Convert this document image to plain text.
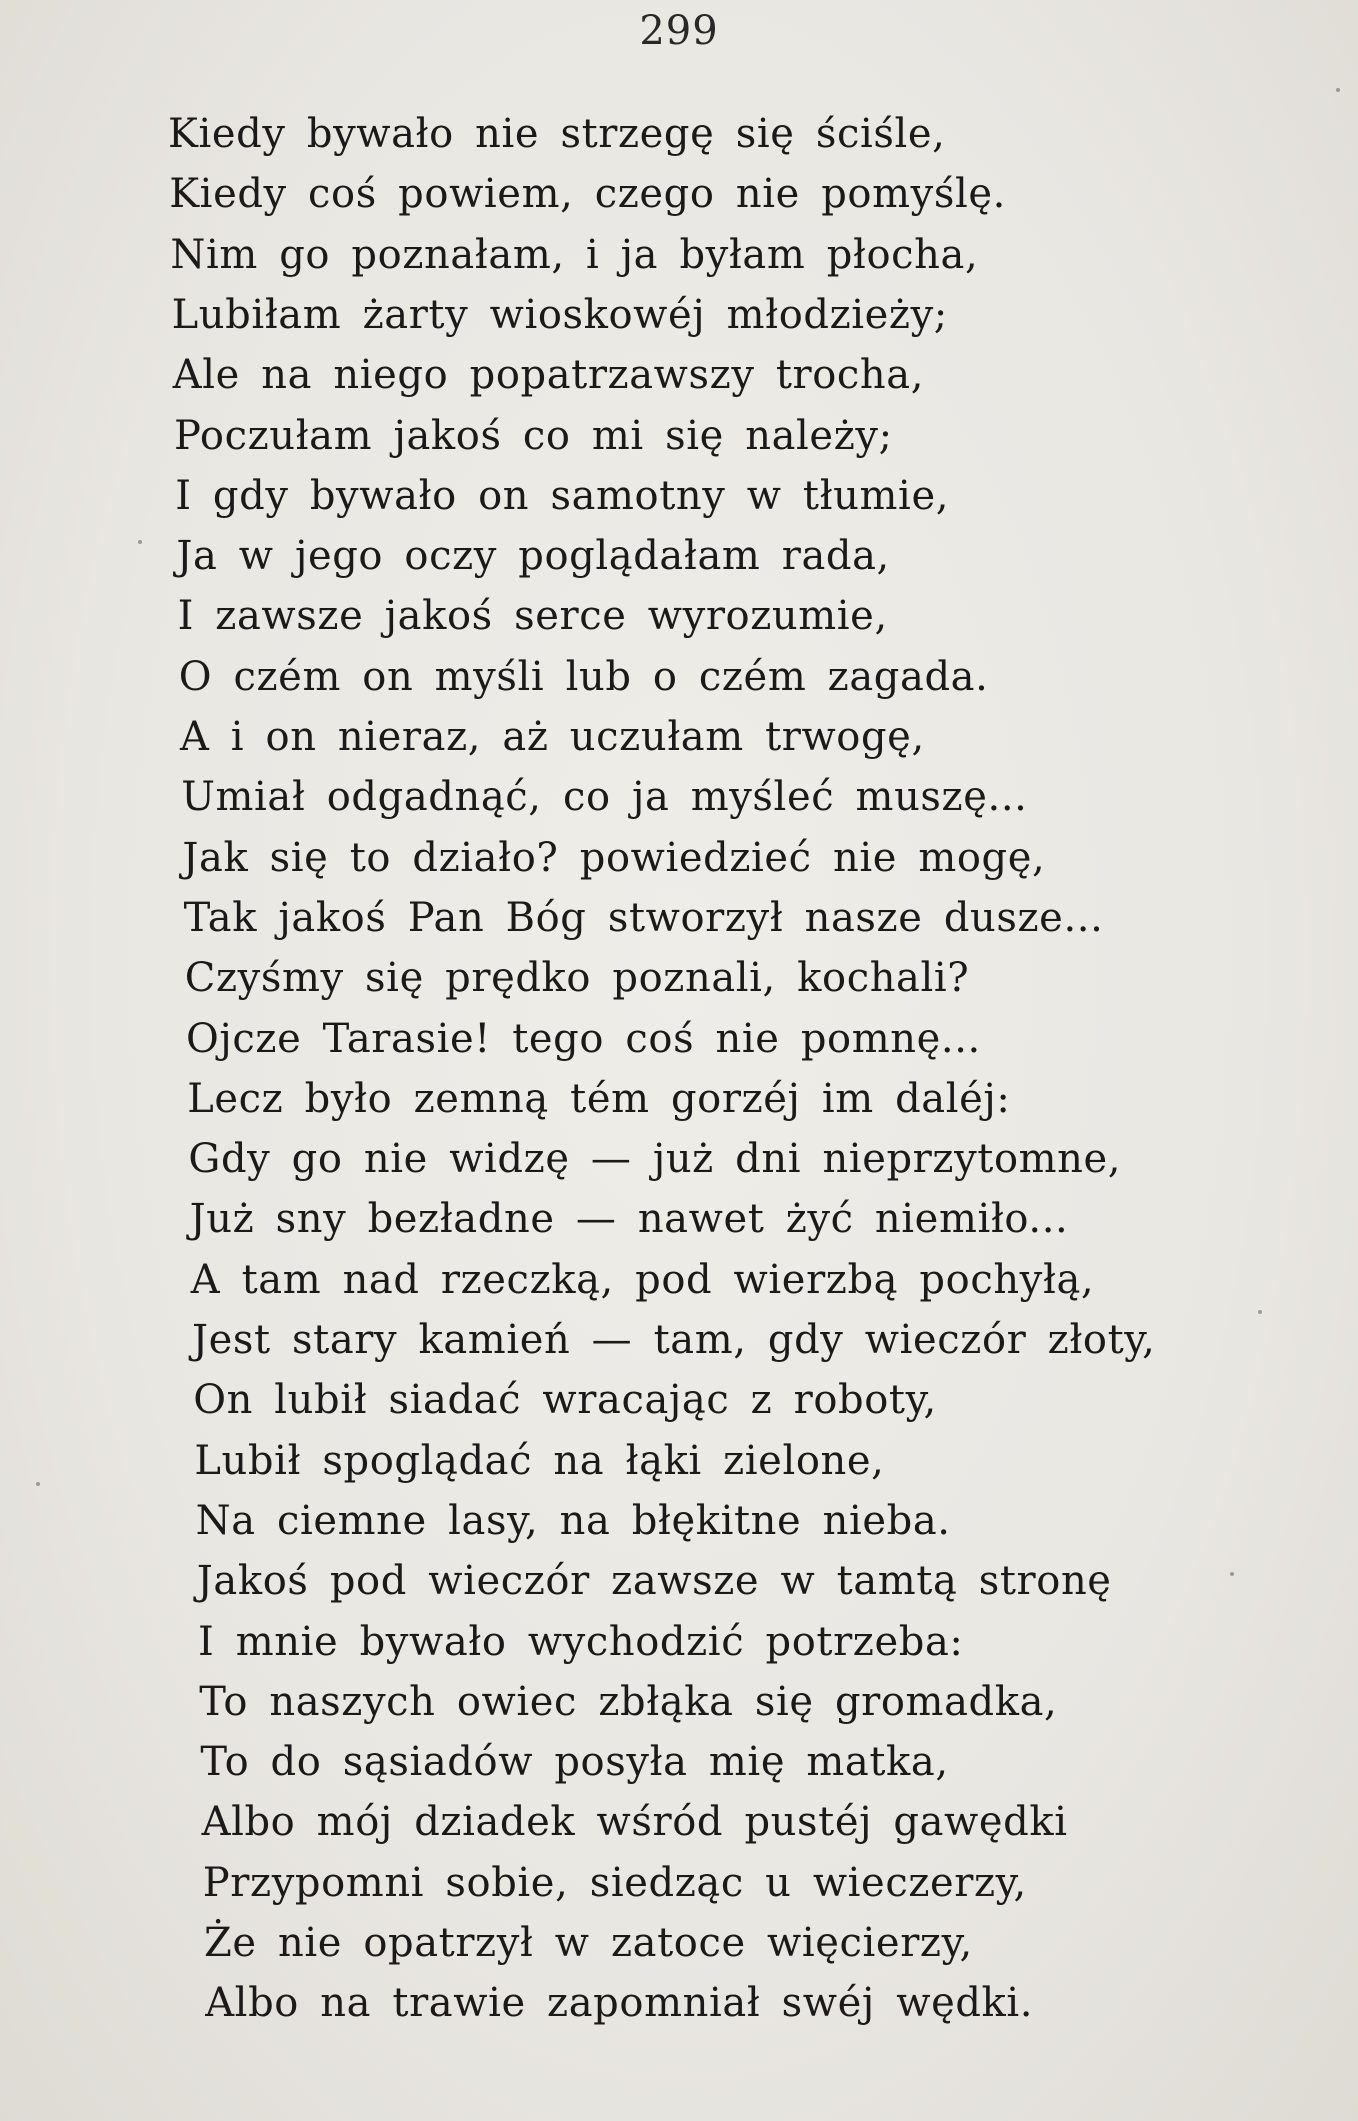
299
Kiedy bywało nie strzegę się ściśle,
Kiedy coś powiem, czego nie pomyślę.
Nim go poznałam, i ja byłam płocha,
Lubiłam żarty wioskowéj młodzieży;
Ale na niego popatrzawszy trocha,
Poczułam jakoś co mi się należy;
I gdy bywało on samotny w tłumie,
Ja w jego oczy poglądałam rada,
I zawsze jakoś serce wyrozumie,
O czém on myśli lub o czém zagada.
A i on nieraz, aż uczułam trwogę,
Umiał odgadnąć, co ja myśleć muszę...
Jak się to działo? powiedzieć nie mogę,
Tak jakoś Pan Bóg stworzył nasze dusze...
Czyśmy się prędko poznali, kochali?
Ojcze Tarasie! tego coś nie pomnę...
Lecz było zemną tém gorzéj im daléj:
Gdy go nie widzę — już dni nieprzytomne,
Już sny bezładne — nawet żyć niemiło...
A tam nad rzeczką, pod wierzbą pochyłą,
Jest stary kamień — tam, gdy wieczór złoty,
On lubił siadać wracając z roboty,
Lubił spoglądać na łąki zielone,
Na ciemne lasy, na błękitne nieba.
Jakoś pod wieczór zawsze w tamtą stronę
I mnie bywało wychodzić potrzeba:
To naszych owiec zbłąka się gromadka,
To do sąsiadów posyła mię matka,
Albo mój dziadek wśród pustéj gawędki
Przypomni sobie, siedząc u wieczerzy,
Że nie opatrzył w zatoce więcierzy,
Albo na trawie zapomniał swéj wędki.
